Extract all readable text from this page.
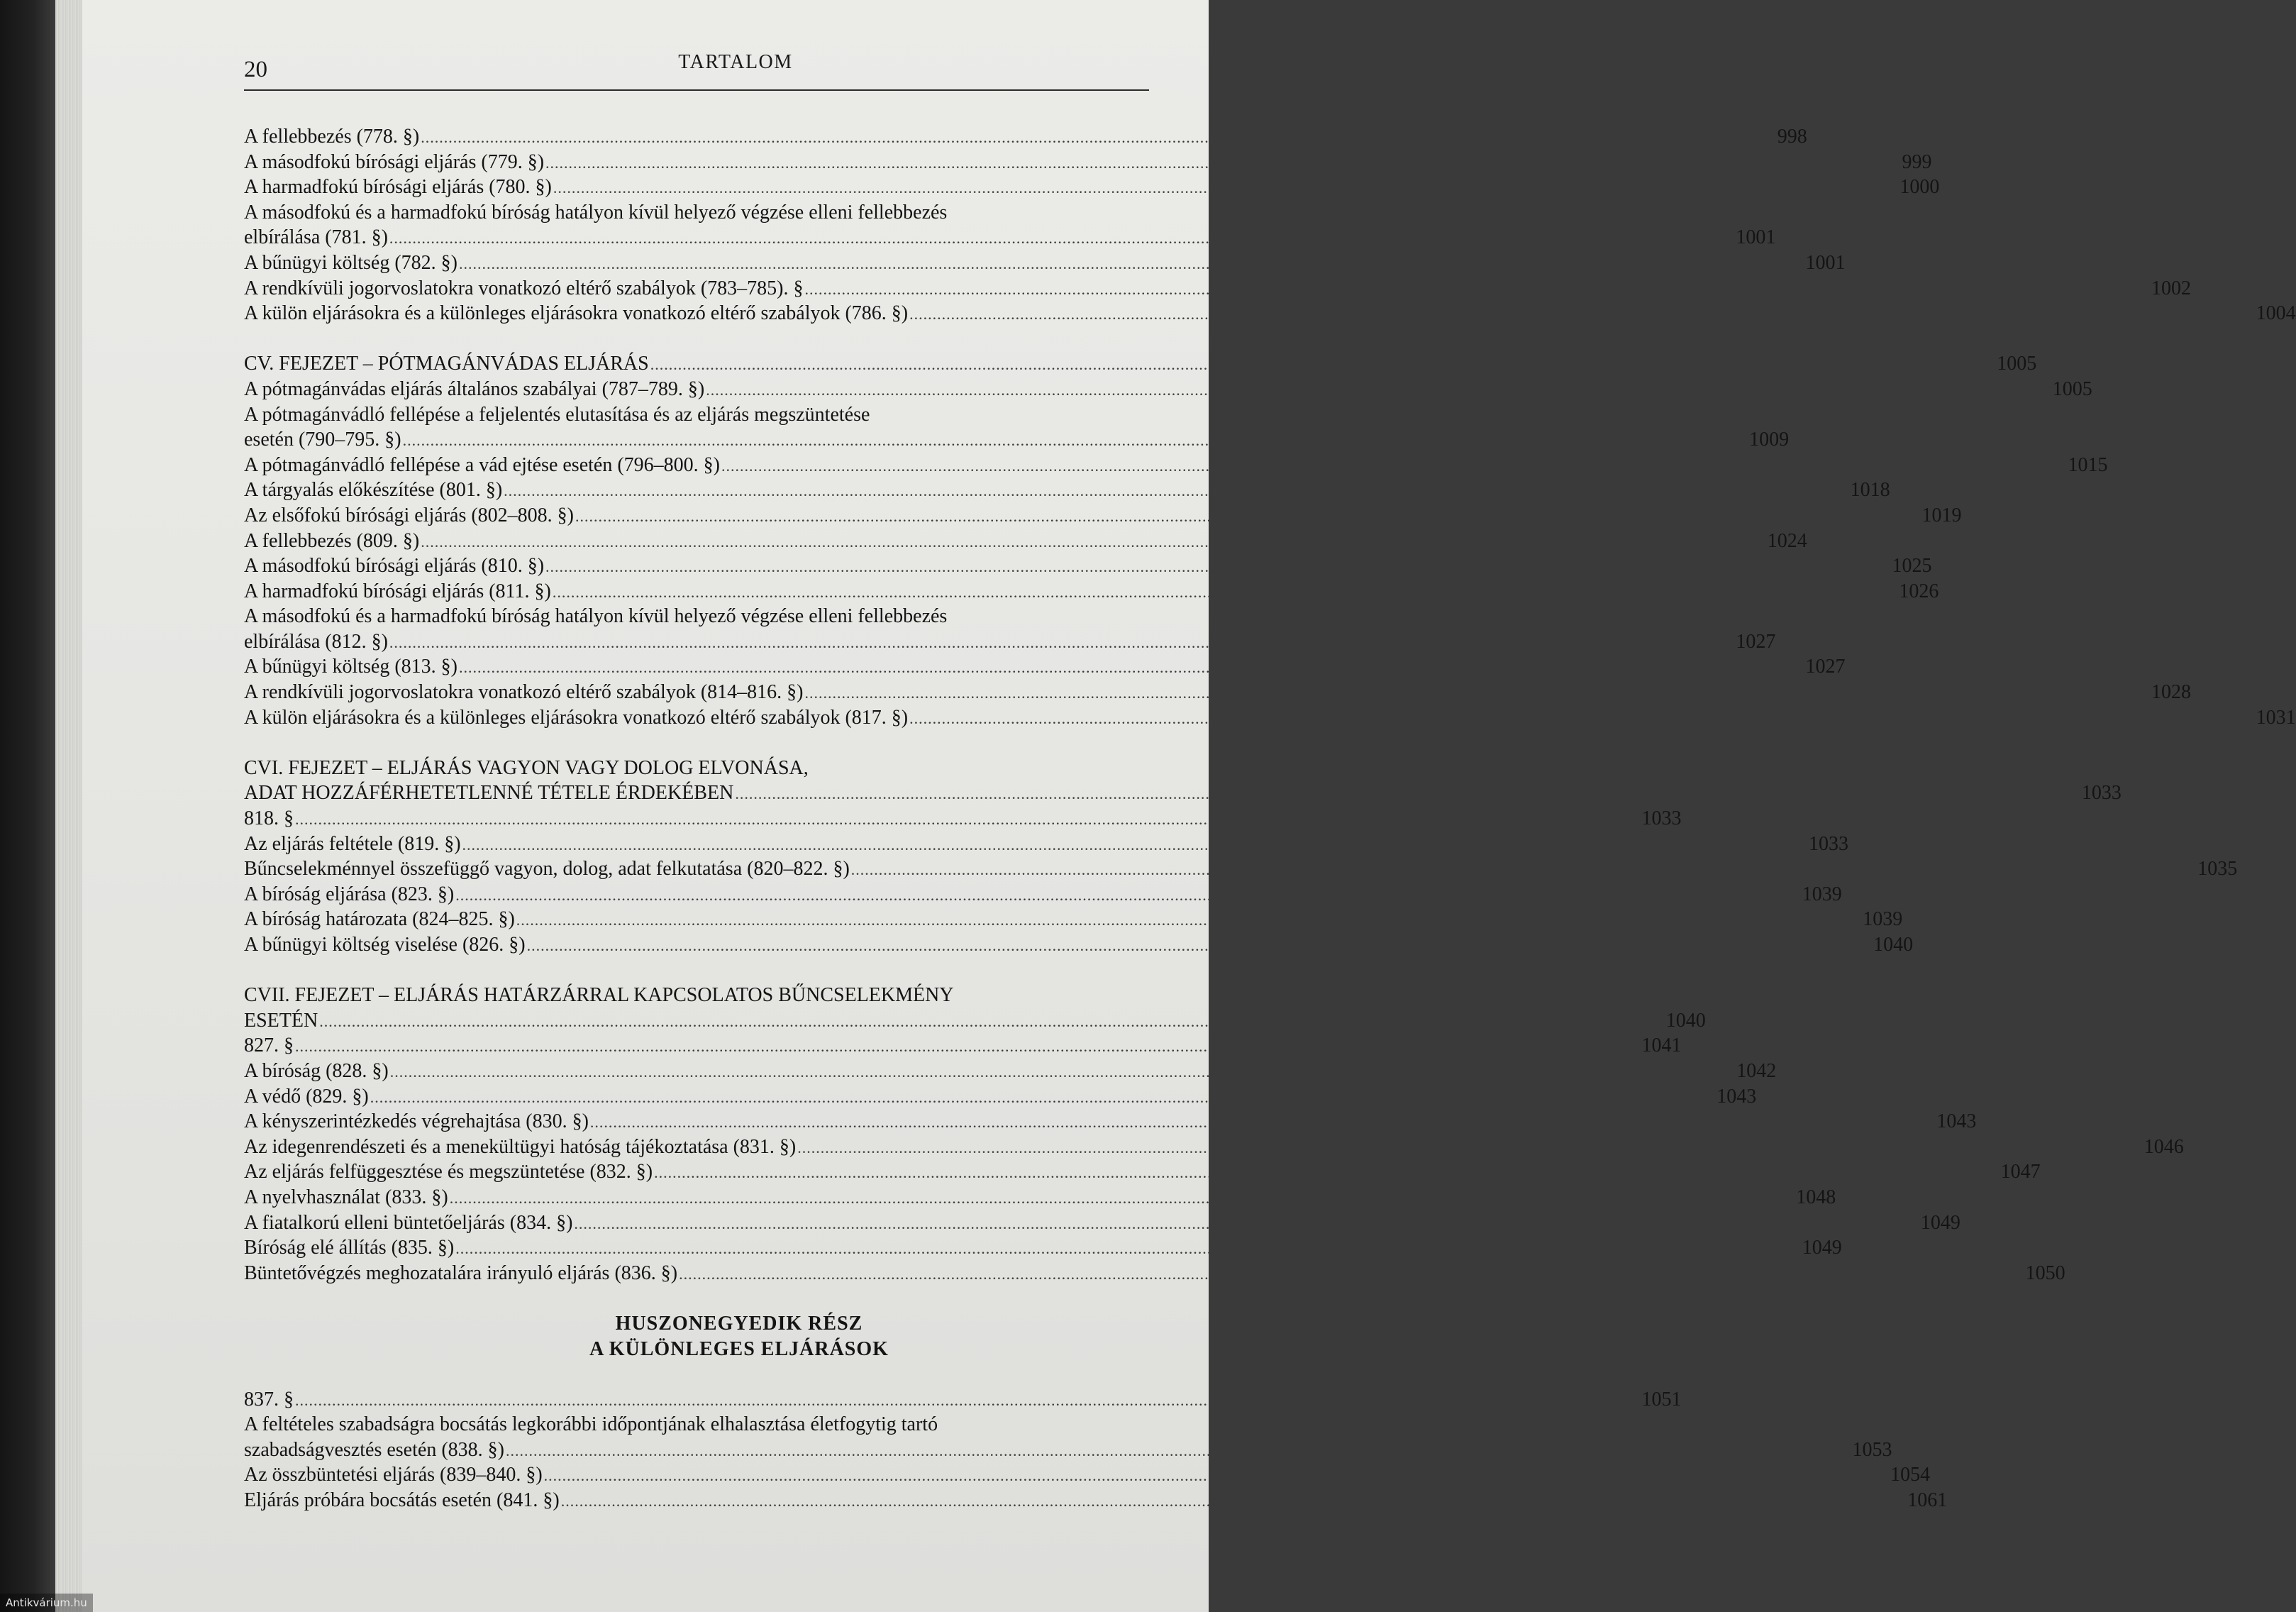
20	TARTALOM
A fellebbezés (778. §) .................................................................................................................................................................................................................................................................................................	998
A másodfokú bírósági eljárás (779. §) .................................................................................................................................................................................................................................................................................................	999
A harmadfokú bírósági eljárás (780. §) ................................................................................................................................................................................................................................................................................................. 1000
A másodfokú és a harmadfokú bíróság hatályon kívül helyező végzése elleni fellebbezés
elbírálása (781. §) ................................................................................................................................................................................................................................................................................................. 1001
A bűnügyi költség (782. §) ................................................................................................................................................................................................................................................................................................. 1001
A rendkívüli jogorvoslatokra vonatkozó eltérő szabályok (783–785). § ................................................................................................................................................................................................................................................................................................. 1002
A külön eljárásokra és a különleges eljárásokra vonatkozó eltérő szabályok (786. §) ................................................................................................................................................................................................................................................................................................. 1004
CV. FEJEZET – PÓTMAGÁNVÁDAS ELJÁRÁS ................................................................................................................................................................................................................................................................................................. 1005
A pótmagánvádas eljárás általános szabályai (787–789. §) ................................................................................................................................................................................................................................................................................................. 1005
A pótmagánvádló fellépése a feljelentés elutasítása és az eljárás megszüntetése
esetén (790–795. §) ................................................................................................................................................................................................................................................................................................. 1009
A pótmagánvádló fellépése a vád ejtése esetén (796–800. §) ................................................................................................................................................................................................................................................................................................. 1015
A tárgyalás előkészítése (801. §) ................................................................................................................................................................................................................................................................................................. 1018
Az elsőfokú bírósági eljárás (802–808. §) ................................................................................................................................................................................................................................................................................................. 1019
A fellebbezés (809. §) ................................................................................................................................................................................................................................................................................................. 1024
A másodfokú bírósági eljárás (810. §) ................................................................................................................................................................................................................................................................................................. 1025
A harmadfokú bírósági eljárás (811. §) ................................................................................................................................................................................................................................................................................................. 1026
A másodfokú és a harmadfokú bíróság hatályon kívül helyező végzése elleni fellebbezés
elbírálása (812. §) ................................................................................................................................................................................................................................................................................................. 1027
A bűnügyi költség (813. §) ................................................................................................................................................................................................................................................................................................. 1027
A rendkívüli jogorvoslatokra vonatkozó eltérő szabályok (814–816. §) ................................................................................................................................................................................................................................................................................................. 1028
A külön eljárásokra és a különleges eljárásokra vonatkozó eltérő szabályok (817. §) ................................................................................................................................................................................................................................................................................................. 1031
CVI. FEJEZET – ELJÁRÁS VAGYON VAGY DOLOG ELVONÁSA,
ADAT HOZZÁFÉRHETETLENNÉ TÉTELE ÉRDEKÉBEN ................................................................................................................................................................................................................................................................................................. 1033
818. § ................................................................................................................................................................................................................................................................................................. 1033
Az eljárás feltétele (819. §) ................................................................................................................................................................................................................................................................................................. 1033
Bűncselekménnyel összefüggő vagyon, dolog, adat felkutatása (820–822. §) ................................................................................................................................................................................................................................................................................................. 1035
A bíróság eljárása (823. §) ................................................................................................................................................................................................................................................................................................. 1039
A bíróság határozata (824–825. §) ................................................................................................................................................................................................................................................................................................. 1039
A bűnügyi költség viselése (826. §) ................................................................................................................................................................................................................................................................................................. 1040
CVII. FEJEZET – ELJÁRÁS HATÁRZÁRRAL KAPCSOLATOS BŰNCSELEKMÉNY
ESETÉN ................................................................................................................................................................................................................................................................................................. 1040
827. § ................................................................................................................................................................................................................................................................................................. 1041
A bíróság (828. §) ................................................................................................................................................................................................................................................................................................. 1042
A védő (829. §) ................................................................................................................................................................................................................................................................................................. 1043
A kényszerintézkedés végrehajtása (830. §) ................................................................................................................................................................................................................................................................................................. 1043
Az idegenrendészeti és a menekültügyi hatóság tájékoztatása (831. §) ................................................................................................................................................................................................................................................................................................. 1046
Az eljárás felfüggesztése és megszüntetése (832. §) ................................................................................................................................................................................................................................................................................................. 1047
A nyelvhasználat (833. §) ................................................................................................................................................................................................................................................................................................. 1048
A fiatalkorú elleni büntetőeljárás (834. §) ................................................................................................................................................................................................................................................................................................. 1049
Bíróság elé állítás (835. §) ................................................................................................................................................................................................................................................................................................. 1049
Büntetővégzés meghozatalára irányuló eljárás (836. §) ................................................................................................................................................................................................................................................................................................. 1050
HUSZONEGYEDIK RÉSZ
A KÜLÖNLEGES ELJÁRÁSOK
837. § ................................................................................................................................................................................................................................................................................................. 1051
A feltételes szabadságra bocsátás legkorábbi időpontjának elhalasztása életfogytig tartó
szabadságvesztés esetén (838. §) ................................................................................................................................................................................................................................................................................................. 1053
Az összbüntetési eljárás (839–840. §) ................................................................................................................................................................................................................................................................................................. 1054
Eljárás próbára bocsátás esetén (841. §) ................................................................................................................................................................................................................................................................................................. 1061
Antikvárium.hu
